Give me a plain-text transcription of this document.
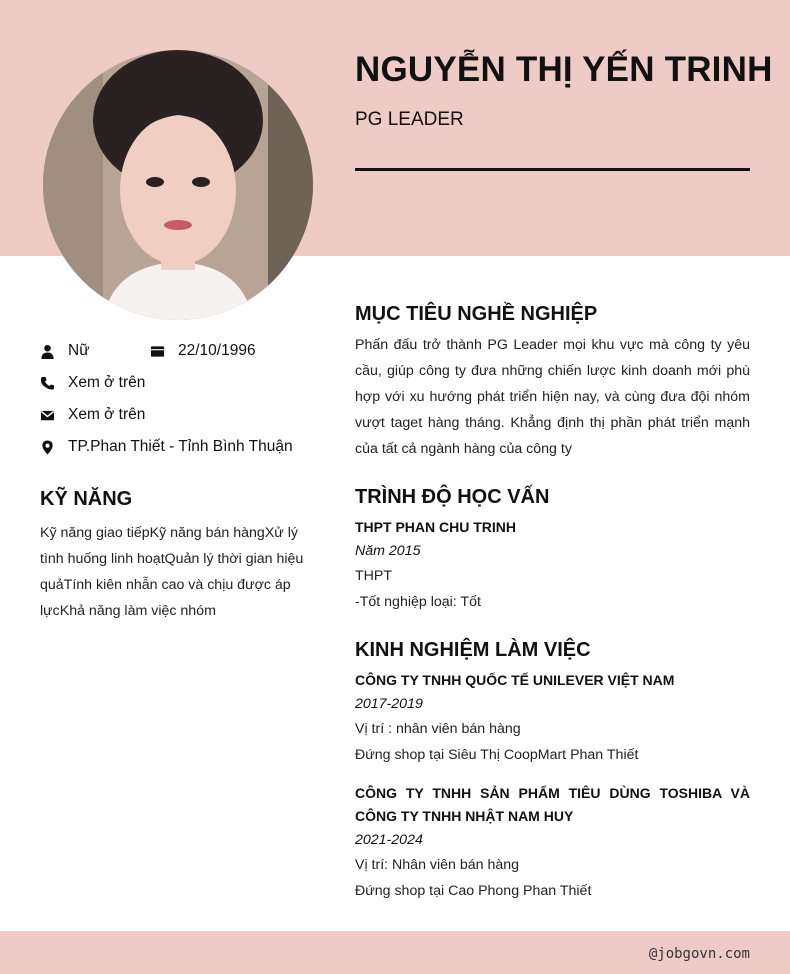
NGUYỄN THỊ YẾN TRINH
PG LEADER
Nữ	22/10/1996
Xem ở trên
Xem ở trên
TP.Phan Thiết - Tỉnh Bình Thuận
KỸ NĂNG
Kỹ năng giao tiếpKỹ năng bán hàngXử lý tình huống linh hoạtQuản lý thời gian hiệu quảTính kiên nhẫn cao và chịu được áp lựcKhả năng làm việc nhóm
MỤC TIÊU NGHỀ NGHIỆP
Phấn đấu trở thành PG Leader mọi khu vực mà công ty yêu cầu, giúp công ty đưa những chiến lược kinh doanh mới phù hợp với xu hướng phát triển hiện nay, và cùng đưa đội nhóm vượt taget hàng tháng. Khẳng định thị phần phát triển mạnh của tất cả ngành hàng của công ty
TRÌNH ĐỘ HỌC VẤN
THPT PHAN CHU TRINH
Năm 2015
THPT
-Tốt nghiệp loại: Tốt
KINH NGHIỆM LÀM VIỆC
CÔNG TY TNHH QUỐC TẾ UNILEVER VIỆT NAM
2017-2019
Vị trí : nhân viên bán hàng
Đứng shop tại Siêu Thị CoopMart Phan Thiết
CÔNG TY TNHH SẢN PHẨM TIÊU DÙNG TOSHIBA VÀ CÔNG TY TNHH NHẬT NAM HUY
2021-2024
Vị trí: Nhân viên bán hàng
Đứng shop tại Cao Phong Phan Thiết
@jobgovn.com
